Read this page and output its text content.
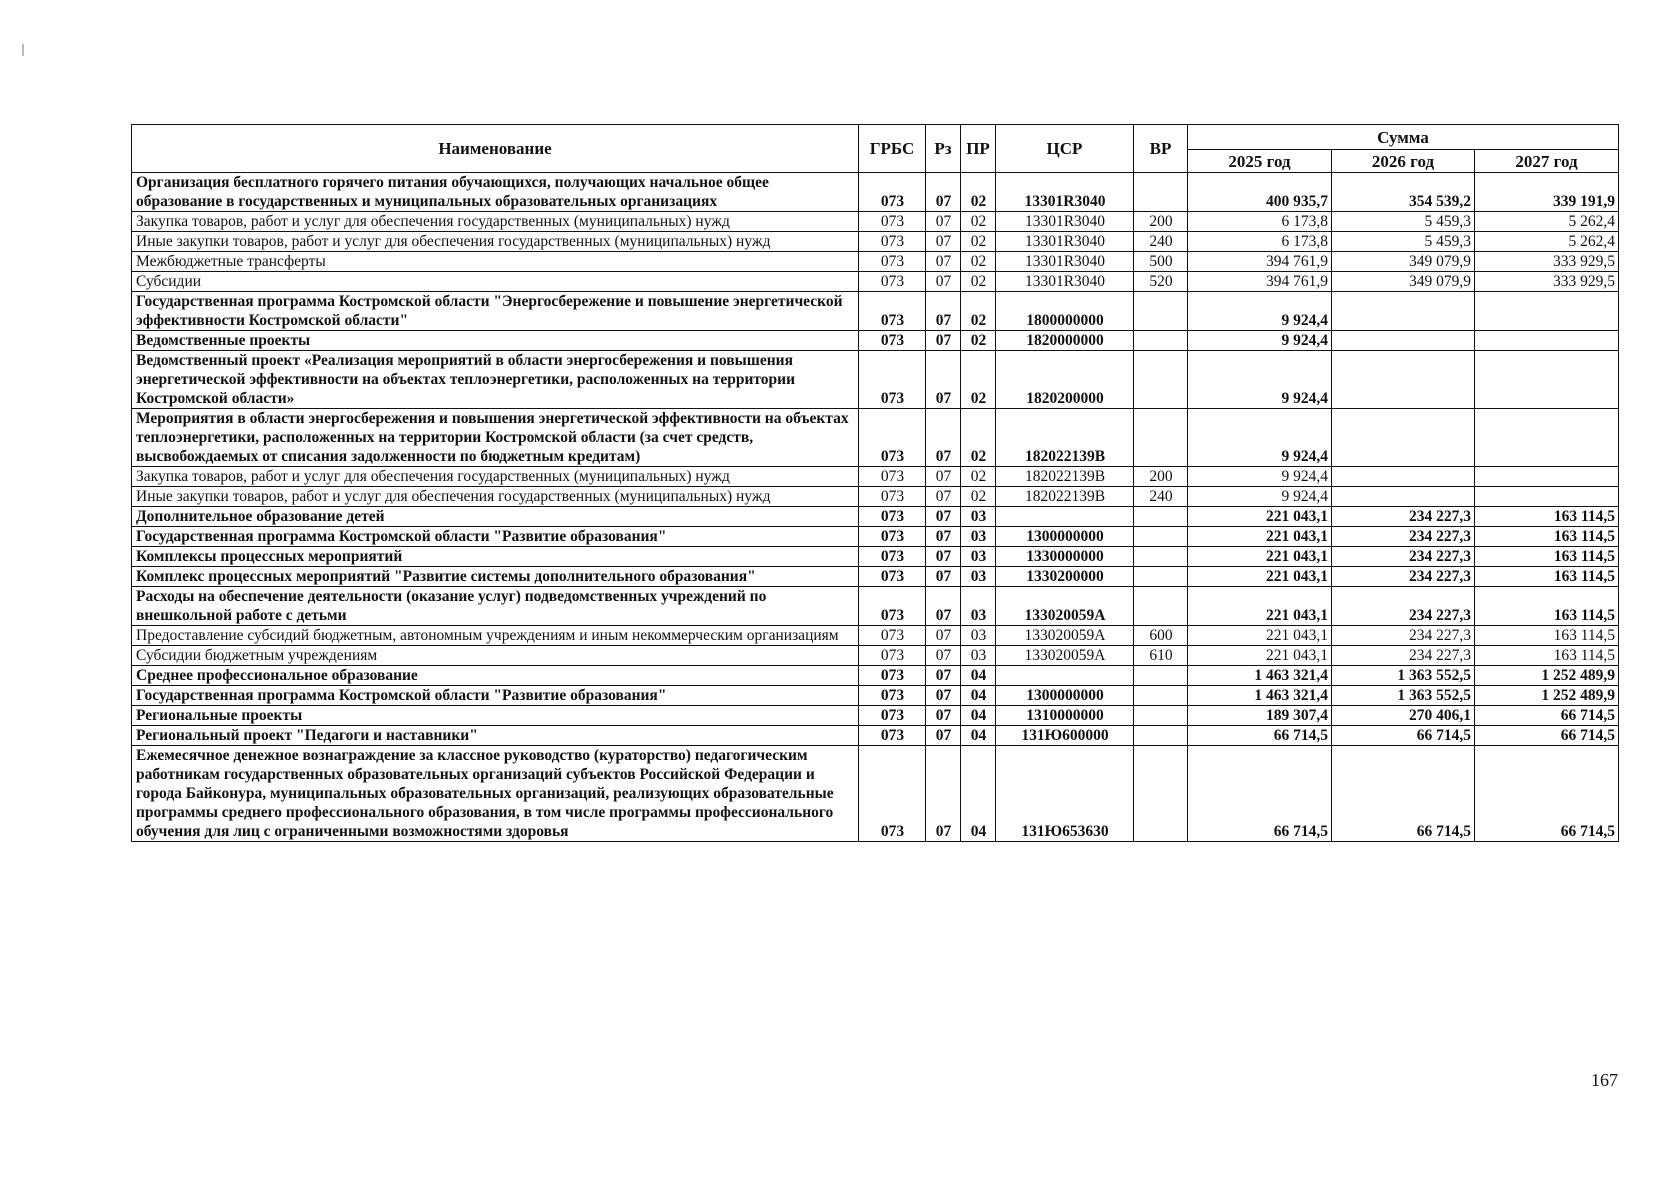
Наименование	ГРБС	Рз	ПР	ЦСР	ВР	Сумма		
						2025 год	2026 год	2027 год
Организация бесплатного горячего питания обучающихся, получающих начальное общее образование в государственных и муниципальных образовательных организациях	073	07	02	13301R3040		400 935,7	354 539,2	339 191,9
Закупка товаров, работ и услуг для обеспечения государственных (муниципальных) нужд	073	07	02	13301R3040	200	6 173,8	5 459,3	5 262,4
Иные закупки товаров, работ и услуг для обеспечения государственных (муниципальных) нужд	073	07	02	13301R3040	240	6 173,8	5 459,3	5 262,4
Межбюджетные трансферты	073	07	02	13301R3040	500	394 761,9	349 079,9	333 929,5
Субсидии	073	07	02	13301R3040	520	394 761,9	349 079,9	333 929,5
Государственная программа Костромской области "Энергосбережение и повышение энергетической эффективности Костромской области"	073	07	02	1800000000		9 924,4		
Ведомственные проекты	073	07	02	1820000000		9 924,4		
Ведомственный проект «Реализация мероприятий в области энергосбережения и повышения энергетической эффективности на объектах теплоэнергетики, расположенных на территории Костромской области»	073	07	02	1820200000		9 924,4		
Мероприятия в области энергосбережения и повышения энергетической эффективности на объектах теплоэнергетики, расположенных на территории Костромской области (за счет средств, высвобождаемых от списания задолженности по бюджетным кредитам)	073	07	02	182022139В		9 924,4		
Закупка товаров, работ и услуг для обеспечения государственных (муниципальных) нужд	073	07	02	182022139В	200	9 924,4		
Иные закупки товаров, работ и услуг для обеспечения государственных (муниципальных) нужд	073	07	02	182022139В	240	9 924,4		
Дополнительное образование детей	073	07	03			221 043,1	234 227,3	163 114,5
Государственная программа Костромской области "Развитие образования"	073	07	03	1300000000		221 043,1	234 227,3	163 114,5
Комплексы процессных мероприятий	073	07	03	1330000000		221 043,1	234 227,3	163 114,5
Комплекс процессных мероприятий "Развитие системы дополнительного образования"	073	07	03	1330200000		221 043,1	234 227,3	163 114,5
Расходы на обеспечение деятельности (оказание услуг) подведомственных учреждений по внешкольной работе с детьми	073	07	03	133020059А		221 043,1	234 227,3	163 114,5
Предоставление субсидий бюджетным, автономным учреждениям и иным некоммерческим организациям	073	07	03	133020059А	600	221 043,1	234 227,3	163 114,5
Субсидии бюджетным учреждениям	073	07	03	133020059А	610	221 043,1	234 227,3	163 114,5
Среднее профессиональное образование	073	07	04			1 463 321,4	1 363 552,5	1 252 489,9
Государственная программа Костромской области "Развитие образования"	073	07	04	1300000000		1 463 321,4	1 363 552,5	1 252 489,9
Региональные проекты	073	07	04	1310000000		189 307,4	270 406,1	66 714,5
Региональный проект "Педагоги и наставники"	073	07	04	131Ю600000		66 714,5	66 714,5	66 714,5
Ежемесячное денежное вознаграждение за классное руководство (кураторство) педагогическим работникам государственных образовательных организаций субъектов Российской Федерации и города Байконура, муниципальных образовательных организаций, реализующих образовательные программы среднего профессионального образования, в том числе программы профессионального обучения для лиц с ограниченными возможностями здоровья	073	07	04	131Ю653630		66 714,5	66 714,5	66 714,5
167
